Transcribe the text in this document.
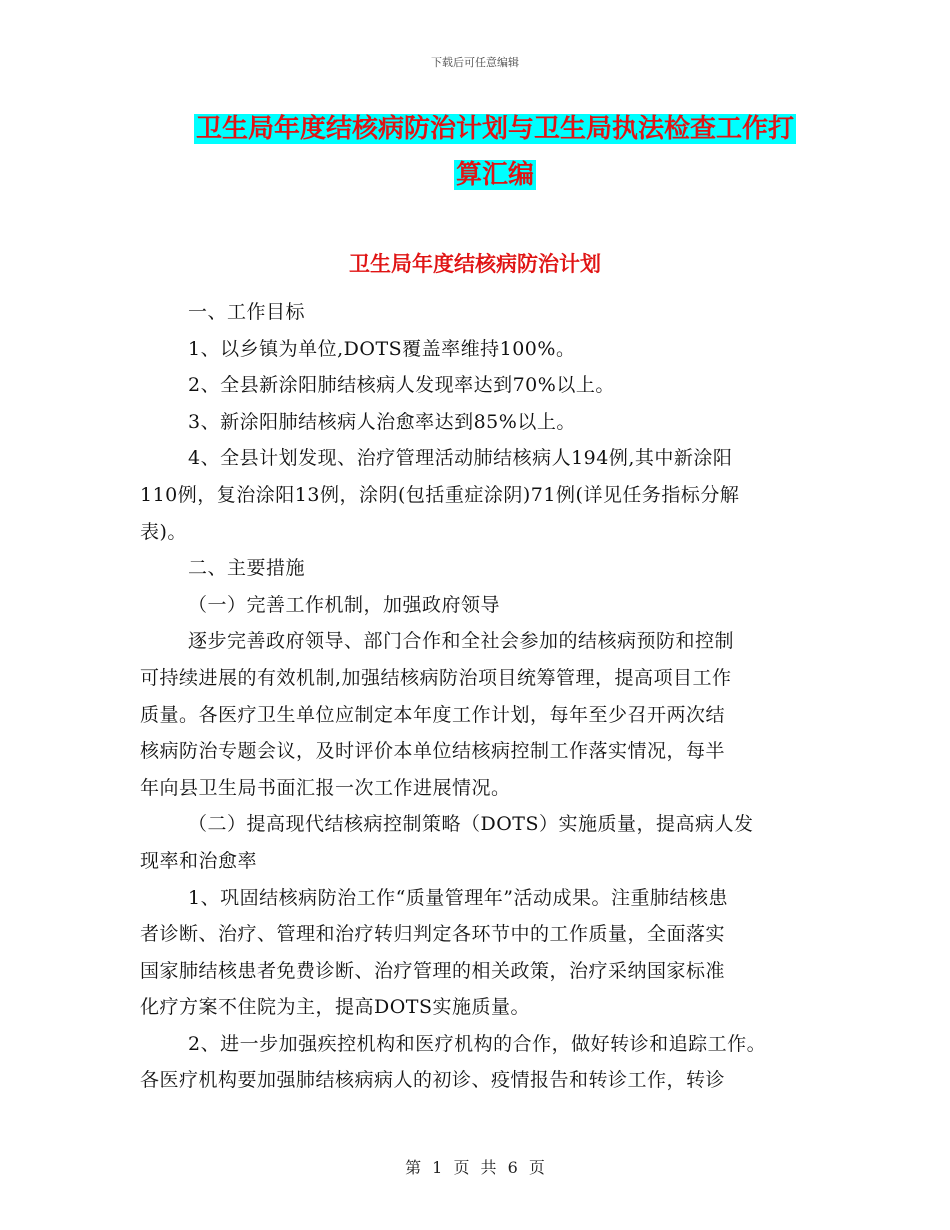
下载后可任意编辑
卫生局年度结核病防治计划与卫生局执法检查工作打
算汇编
卫生局年度结核病防治计划
一、工作目标
1、以乡镇为单位,DOTS覆盖率维持100%。
2、全县新涂阳肺结核病人发现率达到70%以上。
3、新涂阳肺结核病人治愈率达到85%以上。
4、全县计划发现、治疗管理活动肺结核病人194例,其中新涂阳
110例，复治涂阳13例，涂阴(包括重症涂阴)71例(详见任务指标分解
表)。
二、主要措施
（一）完善工作机制，加强政府领导
逐步完善政府领导、部门合作和全社会参加的结核病预防和控制
可持续进展的有效机制,加强结核病防治项目统筹管理，提高项目工作
质量。各医疗卫生单位应制定本年度工作计划，每年至少召开两次结
核病防治专题会议，及时评价本单位结核病控制工作落实情况，每半
年向县卫生局书面汇报一次工作进展情况。
（二）提高现代结核病控制策略（DOTS）实施质量，提高病人发
现率和治愈率
1、巩固结核病防治工作“质量管理年”活动成果。注重肺结核患
者诊断、治疗、管理和治疗转归判定各环节中的工作质量，全面落实
国家肺结核患者免费诊断、治疗管理的相关政策，治疗采纳国家标准
化疗方案不住院为主，提高DOTS实施质量。
2、进一步加强疾控机构和医疗机构的合作，做好转诊和追踪工作。
各医疗机构要加强肺结核病病人的初诊、疫情报告和转诊工作，转诊
第 1 页 共 6 页
